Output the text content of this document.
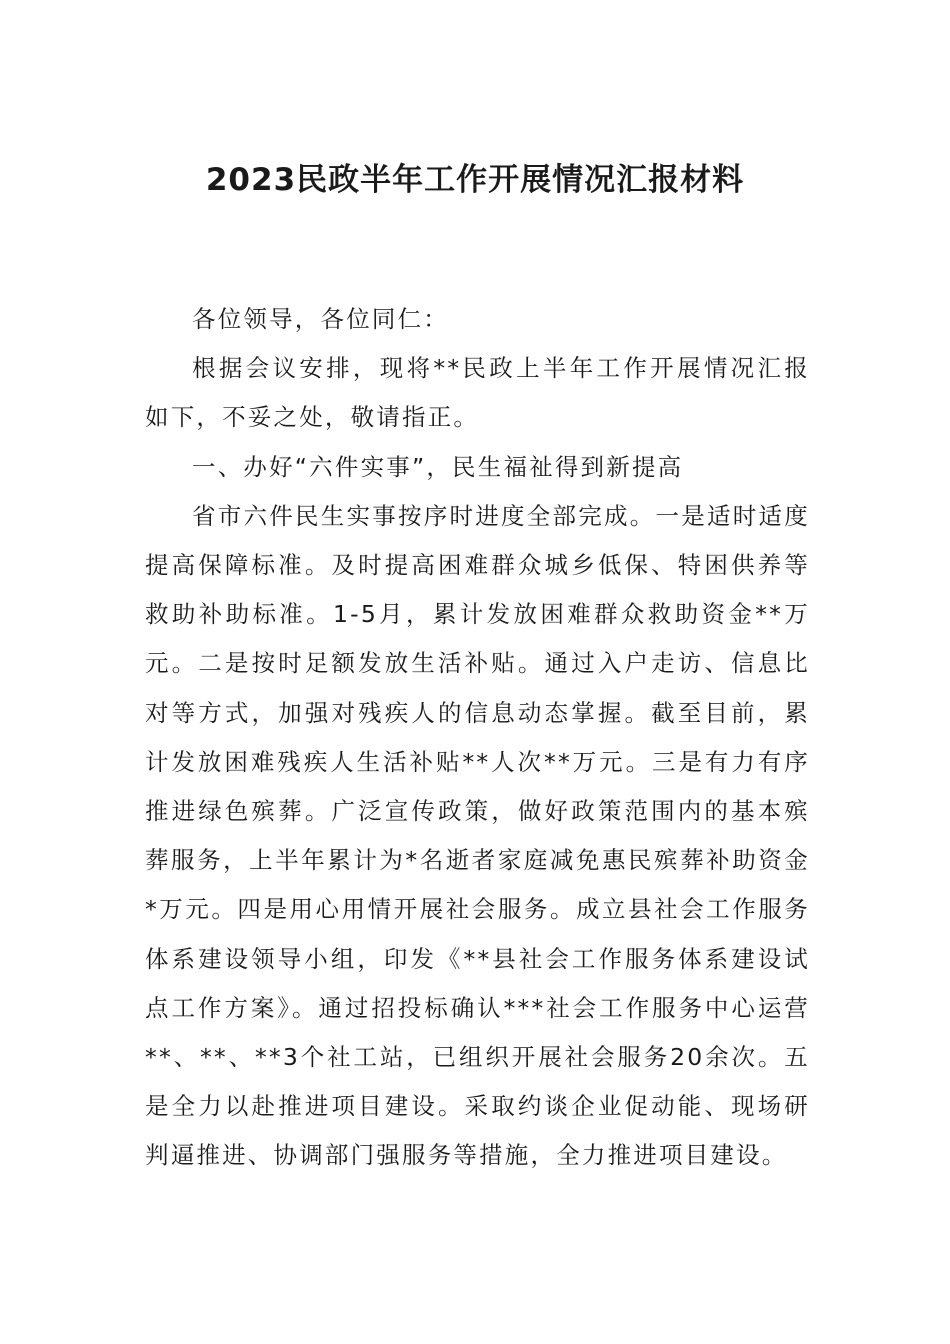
2023民政半年工作开展情况汇报材料

各位领导，各位同仁：

根据会议安排，现将**民政上半年工作开展情况汇报如下，不妥之处，敬请指正。

一、办好“六件实事”，民生福祉得到新提高

省市六件民生实事按序时进度全部完成。一是适时适度提高保障标准。及时提高困难群众城乡低保、特困供养等救助补助标准。1-5月，累计发放困难群众救助资金**万元。二是按时足额发放生活补贴。通过入户走访、信息比对等方式，加强对残疾人的信息动态掌握。截至目前，累计发放困难残疾人生活补贴**人次**万元。三是有力有序推进绿色殡葬。广泛宣传政策，做好政策范围内的基本殡葬服务，上半年累计为*名逝者家庭减免惠民殡葬补助资金*万元。四是用心用情开展社会服务。成立县社会工作服务体系建设领导小组，印发《**县社会工作服务体系建设试点工作方案》。通过招投标确认***社会工作服务中心运营**、**、**3个社工站，已组织开展社会服务20余次。五是全力以赴推进项目建设。采取约谈企业促动能、现场研判逼推进、协调部门强服务等措施，全力推进项目建设。
